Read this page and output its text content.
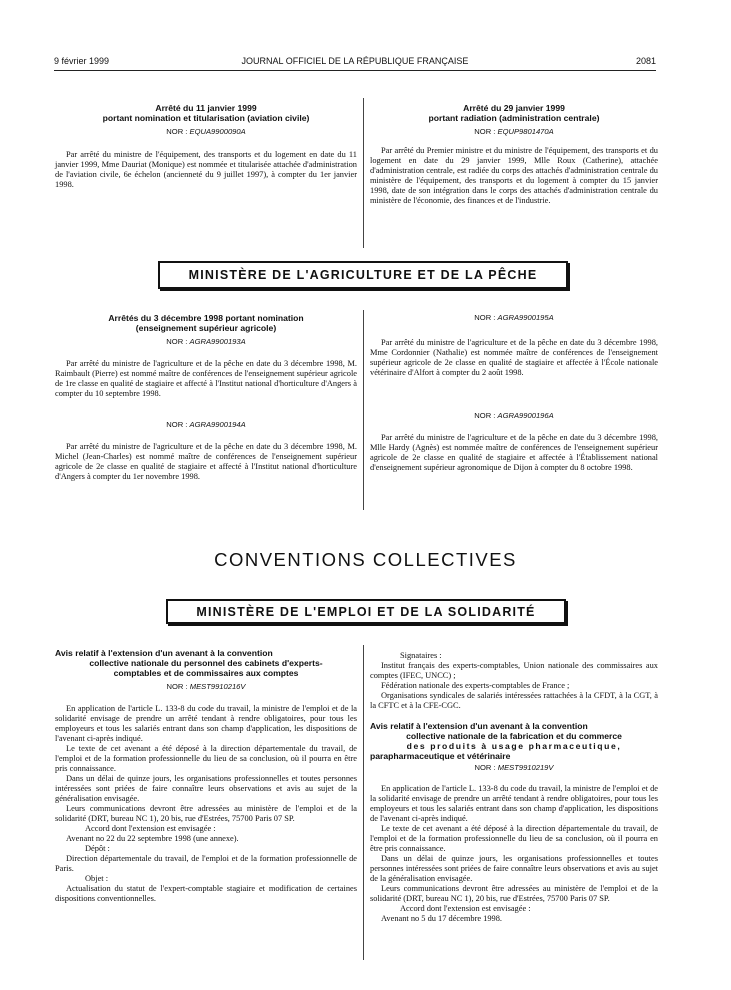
9 février 1999	JOURNAL OFFICIEL DE LA RÉPUBLIQUE FRANÇAISE	2081

Arrêté du 11 janvier 1999

portant nomination et titularisation (aviation civile)

NOR : EQUA9900090A

Par arrêté du ministre de l'équipement, des transports et du logement en date du 11 janvier 1999, Mme Dauriat (Monique) est nommée et titularisée attachée d'administration de l'aviation civile, 6e échelon (ancienneté du 9 juillet 1997), à compter du 1er janvier 1998.

Arrêté du 29 janvier 1999

portant radiation (administration centrale)

NOR : EQUP9801470A

Par arrêté du Premier ministre et du ministre de l'équipement, des transports et du logement en date du 29 janvier 1999, Mlle Roux (Catherine), attachée d'administration centrale, est radiée du corps des attachés d'administration centrale du ministère de l'équipement, des transports et du logement à compter du 15 janvier 1998, date de son intégration dans le corps des attachés d'administration centrale du ministère de l'économie, des finances et de l'industrie.

MINISTÈRE DE L'AGRICULTURE ET DE LA PÊCHE

Arrêtés du 3 décembre 1998 portant nomination

(enseignement supérieur agricole)

NOR : AGRA9900193A

Par arrêté du ministre de l'agriculture et de la pêche en date du 3 décembre 1998, M. Raimbault (Pierre) est nommé maître de conférences de l'enseignement supérieur agricole de 1re classe en qualité de stagiaire et affecté à l'Institut national d'horticulture d'Angers à compter du 10 septembre 1998.

NOR : AGRA9900194A

Par arrêté du ministre de l'agriculture et de la pêche en date du 3 décembre 1998, M. Michel (Jean-Charles) est nommé maître de conférences de l'enseignement supérieur agricole de 2e classe en qualité de stagiaire et affecté à l'Institut national d'horticulture d'Angers à compter du 1er novembre 1998.

NOR : AGRA9900195A

Par arrêté du ministre de l'agriculture et de la pêche en date du 3 décembre 1998, Mme Cordonnier (Nathalie) est nommée maître de conférences de l'enseignement supérieur agricole de 2e classe en qualité de stagiaire et affectée à l'École nationale vétérinaire d'Alfort à compter du 2 août 1998.

NOR : AGRA9900196A

Par arrêté du ministre de l'agriculture et de la pêche en date du 3 décembre 1998, Mlle Hardy (Agnès) est nommée maître de conférences de l'enseignement supérieur agricole de 2e classe en qualité de stagiaire et affectée à l'Établissement national d'enseignement supérieur agronomique de Dijon à compter du 8 octobre 1998.

CONVENTIONS COLLECTIVES
MINISTÈRE DE L'EMPLOI ET DE LA SOLIDARITÉ

Avis relatif à l'extension d'un avenant à la convention

collective nationale du personnel des cabinets d'experts-

comptables et de commissaires aux comptes

NOR : MEST9910216V

En application de l'article L. 133-8 du code du travail, la ministre de l'emploi et de la solidarité envisage de prendre un arrêté tendant à rendre obligatoires, pour tous les employeurs et tous les salariés entrant dans son champ d'application, les dispositions de l'avenant ci-après indiqué.

Le texte de cet avenant a été déposé à la direction départementale du travail, de l'emploi et de la formation professionnelle du lieu de sa conclusion, où il pourra en être pris connaissance.

Dans un délai de quinze jours, les organisations professionnelles et toutes personnes intéressées sont priées de faire connaître leurs observations et avis au sujet de la généralisation envisagée.

Leurs communications devront être adressées au ministère de l'emploi et de la solidarité (DRT, bureau NC 1), 20 bis, rue d'Estrées, 75700 Paris 07 SP.

Accord dont l'extension est envisagée :

Avenant no 22 du 22 septembre 1998 (une annexe).

Dépôt :

Direction départementale du travail, de l'emploi et de la formation professionnelle de Paris.

Objet :

Actualisation du statut de l'expert-comptable stagiaire et modification de certaines dispositions conventionnelles.

Signataires :

Institut français des experts-comptables, Union nationale des commissaires aux comptes (IFEC, UNCC) ;

Fédération nationale des experts-comptables de France ;

Organisations syndicales de salariés intéressées rattachées à la CFDT, à la CGT, à la CFTC et à la CFE-CGC.

Avis relatif à l'extension d'un avenant à la convention

collective nationale de la fabrication et du commerce

des produits à usage pharmaceutique,

parapharmaceutique et vétérinaire

NOR : MEST9910219V

En application de l'article L. 133-8 du code du travail, la ministre de l'emploi et de la solidarité envisage de prendre un arrêté tendant à rendre obligatoires, pour tous les employeurs et tous les salariés entrant dans son champ d'application, les dispositions de l'avenant ci-après indiqué.

Le texte de cet avenant a été déposé à la direction départementale du travail, de l'emploi et de la formation professionnelle du lieu de sa conclusion, où il pourra en être pris connaissance.

Dans un délai de quinze jours, les organisations professionnelles et toutes personnes intéressées sont priées de faire connaître leurs observations et avis au sujet de la généralisation envisagée.

Leurs communications devront être adressées au ministère de l'emploi et de la solidarité (DRT, bureau NC 1), 20 bis, rue d'Estrées, 75700 Paris 07 SP.

Accord dont l'extension est envisagée :

Avenant no 5 du 17 décembre 1998.
